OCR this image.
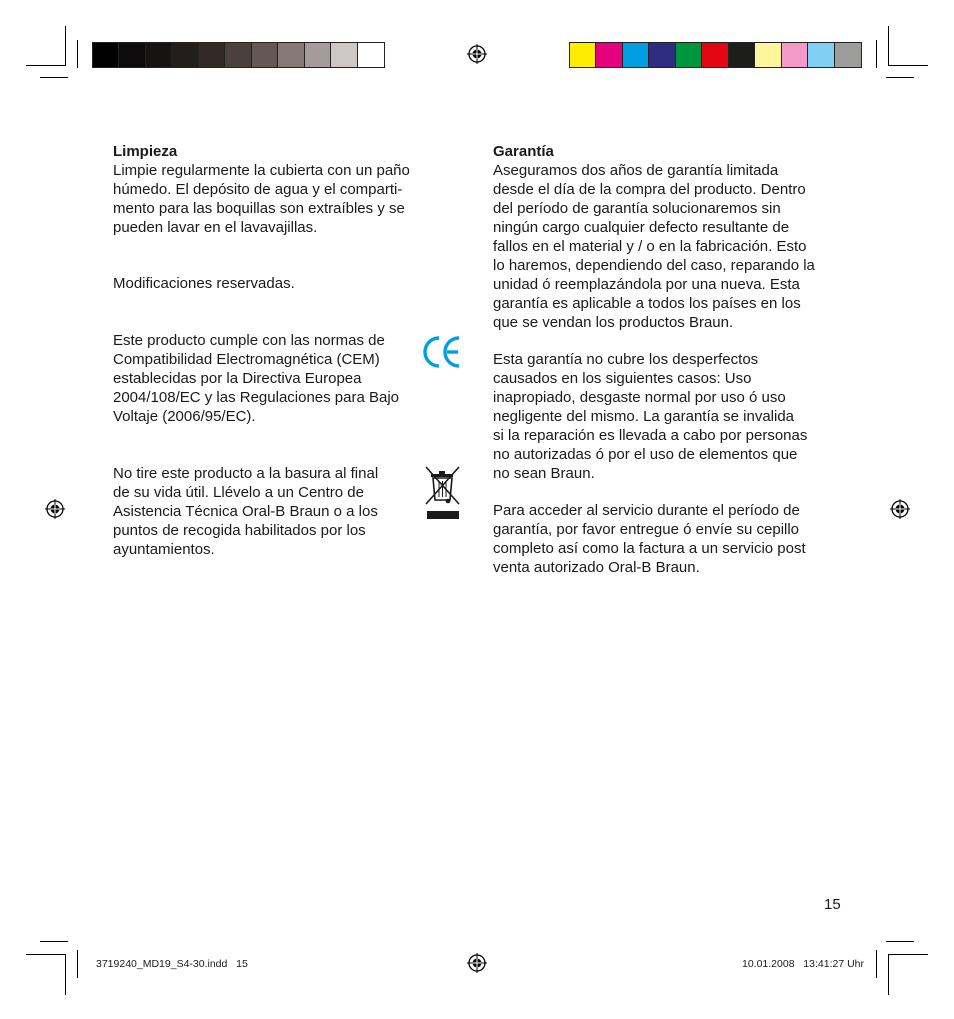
Limpieza
Limpie regularmente la cubierta con un paño
húmedo. El depósito de agua y el comparti-
mento para las boquillas son extraíbles y se
pueden lavar en el lavavajillas.
Modificaciones reservadas.
Este producto cumple con las normas de
Compatibilidad Electromagnética (CEM)
establecidas por la Directiva Europea
2004/108/EC y las Regulaciones para Bajo
Voltaje (2006/95/EC).
No tire este producto a la basura al final
de su vida útil. Llévelo a un Centro de
Asistencia Técnica Oral-B Braun o a los
puntos de recogida habilitados por los
ayuntamientos.
Garantía
Aseguramos dos años de garantía limitada
desde el día de la compra del producto. Dentro
del período de garantía solucionaremos sin
ningún cargo cualquier defecto resultante de
fallos en el material y / o en la fabricación. Esto
lo haremos, dependiendo del caso, reparando la
unidad ó reemplazándola por una nueva. Esta
garantía es aplicable a todos los países en los
que se vendan los productos Braun.
Esta garantía no cubre los desperfectos
causados en los siguientes casos: Uso
inapropiado, desgaste normal por uso ó uso
negligente del mismo. La garantía se invalida
si la reparación es llevada a cabo por personas
no autorizadas ó por el uso de elementos que
no sean Braun.
Para acceder al servicio durante el período de
garantía, por favor entregue ó envíe su cepillo
completo así como la factura a un servicio post
venta autorizado Oral-B Braun.
15
3719240_MD19_S4-30.indd   15	10.01.2008   13:41:27 Uhr
